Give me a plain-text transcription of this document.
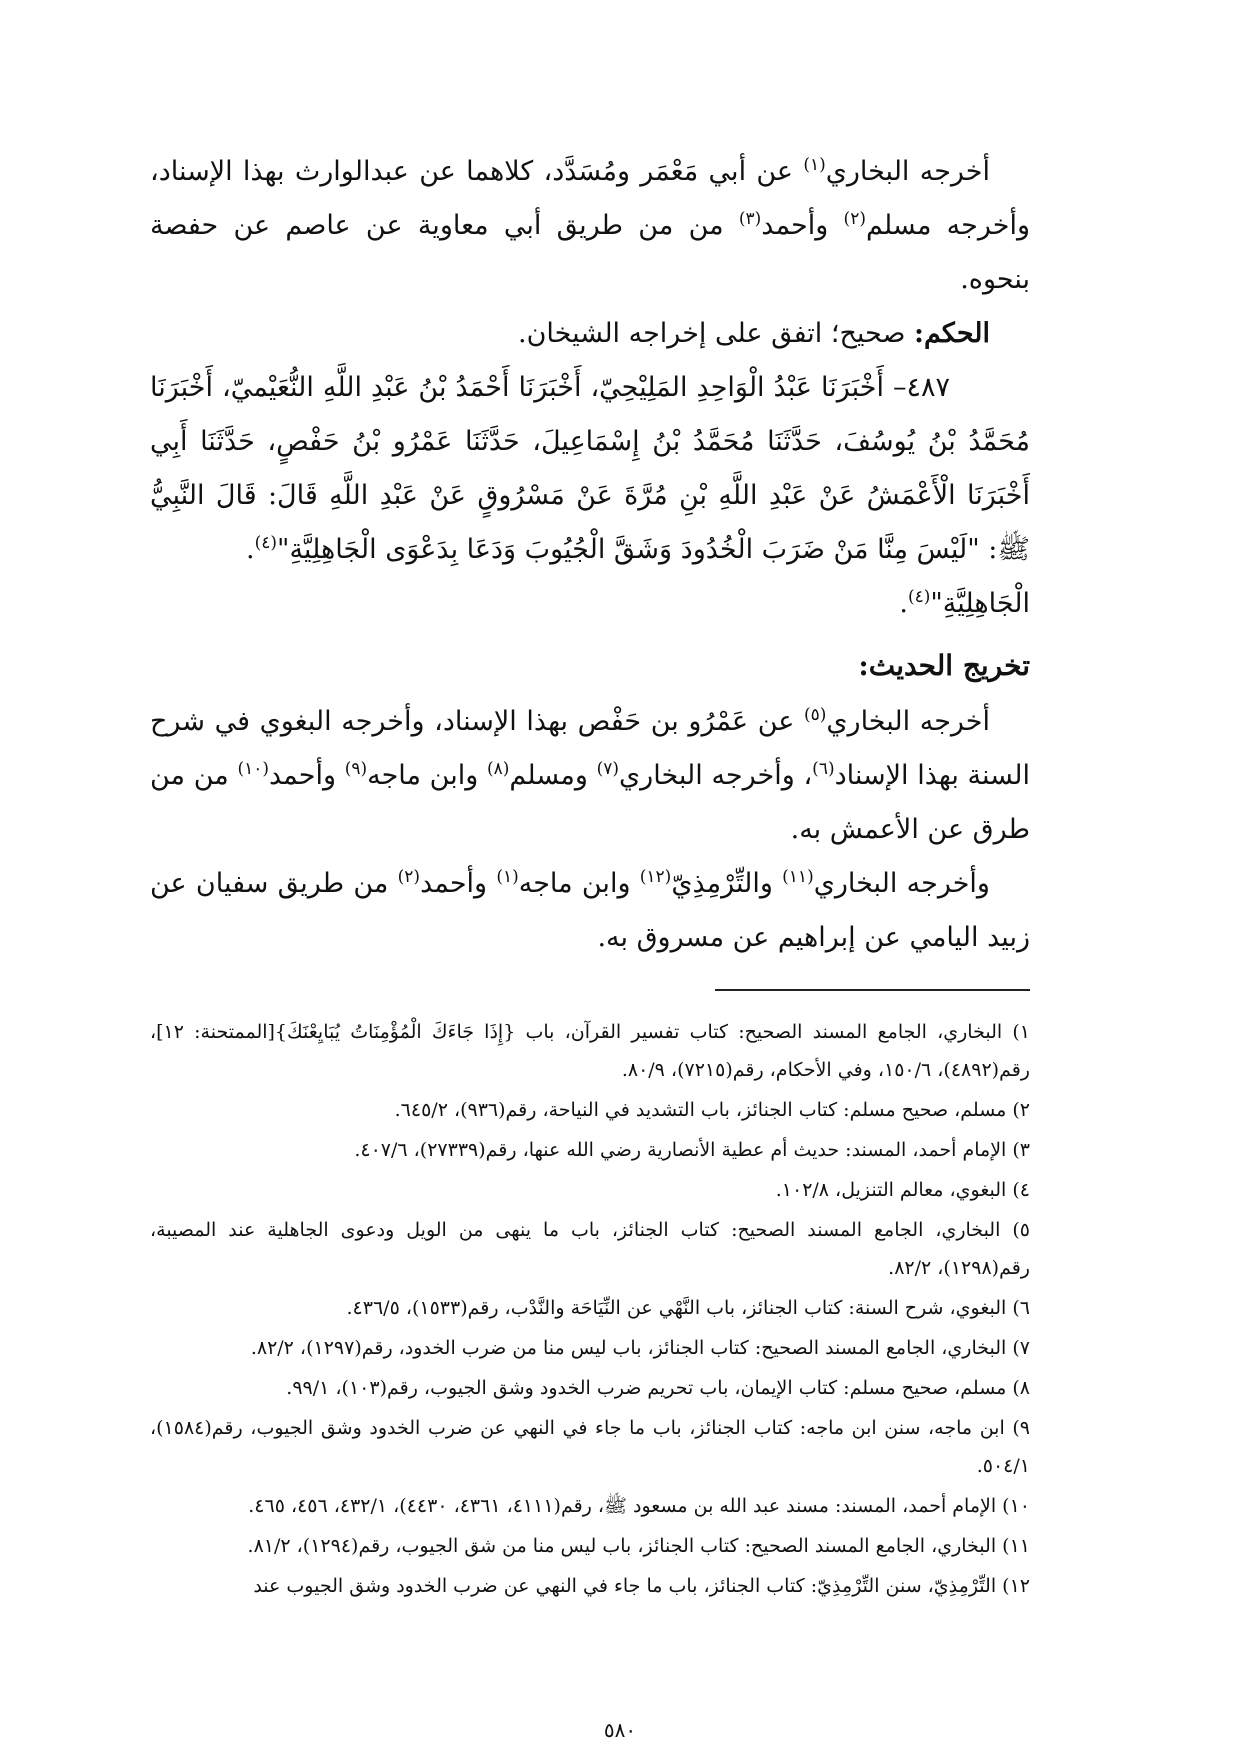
أخرجه البخاري$^{(١)}$ عن أبي مَعْمَر ومُسَدَّد، كلاهما عن عبدالوارث بهذا الإسناد، وأخرجه مسلم$^{(٢)}$ وأحمد$^{(٣)}$ من من طريق أبي معاوية عن عاصم عن حفصة بنحوه.

الحكم: صحيح؛ اتفق على إخراجه الشيخان.

٤٨٧– أَخْبَرَنَا عَبْدُ الْوَاحِدِ المَلِيْحِيّ، أَخْبَرَنَا أَحْمَدُ بْنُ عَبْدِ اللَّهِ النُّعَيْميّ، أَخْبَرَنَا مُحَمَّدُ بْنُ يُوسُفَ، حَدَّثَنَا مُحَمَّدُ بْنُ إِسْمَاعِيلَ، حَدَّثَنَا عَمْرُو بْنُ حَفْصٍ، حَدَّثَنَا أَبِي أَخْبَرَنَا الْأَعْمَشُ عَنْ عَبْدِ اللَّهِ بْنِ مُرَّةَ عَنْ مَسْرُوقٍ عَنْ عَبْدِ اللَّهِ قَالَ: قَالَ النَّبِيُّ ﷺ: "لَيْسَ مِنَّا مَنْ ضَرَبَ الْخُدُودَ وَشَقَّ الْجُيُوبَ وَدَعَا بِدَعْوَى الْجَاهِلِيَّةِ"$^{(٤)}$.

الْجَاهِلِيَّةِ"$^{(٤)}$.

تخريج الحديث:

أخرجه البخاري$^{(٥)}$ عن عَمْرُو بن حَفْص بهذا الإسناد، وأخرجه البغوي في شرح السنة بهذا الإسناد$^{(٦)}$، وأخرجه البخاري$^{(٧)}$ ومسلم$^{(٨)}$ وابن ماجه$^{(٩)}$ وأحمد$^{(١٠)}$ من من طرق عن الأعمش به.

وأخرجه البخاري$^{(١١)}$ والتِّرْمِذِيّ$^{(١٢)}$ وابن ماجه$^{(١)}$ وأحمد$^{(٢)}$ من طريق سفيان عن زبيد اليامي عن إبراهيم عن مسروق به.

١) البخاري، الجامع المسند الصحيح: كتاب تفسير القرآن، باب {إِذَا جَاءَكَ الْمُؤْمِنَاتُ يُبَايِعْنَكَ}[الممتحنة: ١٢]، رقم(٤٨٩٢)، ١٥٠/٦، وفي الأحكام، رقم(٧٢١٥)، ٨٠/٩.
٢) مسلم، صحيح مسلم: كتاب الجنائز، باب التشديد في النياحة، رقم(٩٣٦)، ٦٤٥/٢.
٣) الإمام أحمد، المسند: حديث أم عطية الأنصارية رضي الله عنها، رقم(٢٧٣٣٩)، ٤٠٧/٦.
٤) البغوي، معالم التنزيل، ١٠٢/٨.
٥) البخاري، الجامع المسند الصحيح: كتاب الجنائز، باب ما ينهى من الويل ودعوى الجاهلية عند المصيبة، رقم(١٢٩٨)، ٨٢/٢.
٦) البغوي، شرح السنة: كتاب الجنائز، باب النَّهْي عن النِّيَاحَة والنَّدْب، رقم(١٥٣٣)، ٤٣٦/٥.
٧) البخاري، الجامع المسند الصحيح: كتاب الجنائز، باب ليس منا من ضرب الخدود، رقم(١٢٩٧)، ٨٢/٢.
٨) مسلم، صحيح مسلم: كتاب الإيمان، باب تحريم ضرب الخدود وشق الجيوب، رقم(١٠٣)، ٩٩/١.
٩) ابن ماجه، سنن ابن ماجه: كتاب الجنائز، باب ما جاء في النهي عن ضرب الخدود وشق الجيوب، رقم(١٥٨٤)، ٥٠٤/١.
١٠) الإمام أحمد، المسند: مسند عبد الله بن مسعود ﷺ، رقم(٤١١١، ٤٣٦١، ٤٤٣٠)، ٤٣٢/١، ٤٥٦، ٤٦٥.
١١) البخاري، الجامع المسند الصحيح: كتاب الجنائز، باب ليس منا من شق الجيوب، رقم(١٢٩٤)، ٨١/٢.
١٢) التِّرْمِذِيّ، سنن التِّرْمِذِيّ: كتاب الجنائز، باب ما جاء في النهي عن ضرب الخدود وشق الجيوب عند
٥٨٠
